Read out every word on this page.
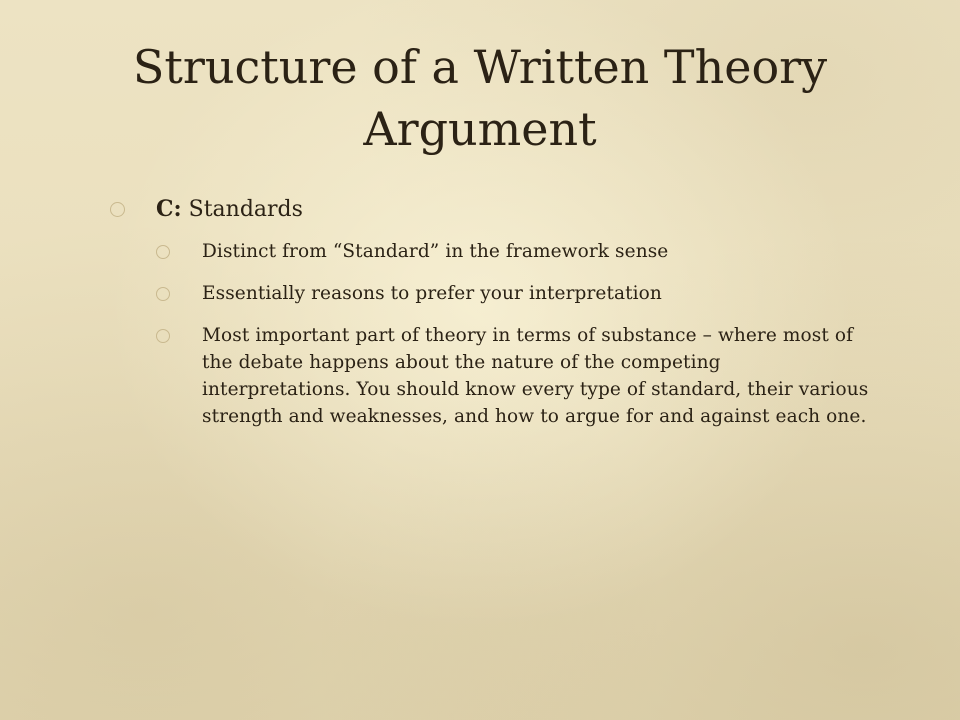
Structure of a Written Theory Argument
C: Standards
Distinct from “Standard” in the framework sense
Essentially reasons to prefer your interpretation
Most important part of theory in terms of substance – where most of the debate happens about the nature of the competing interpretations. You should know every type of standard, their various strength and weaknesses, and how to argue for and against each one.
